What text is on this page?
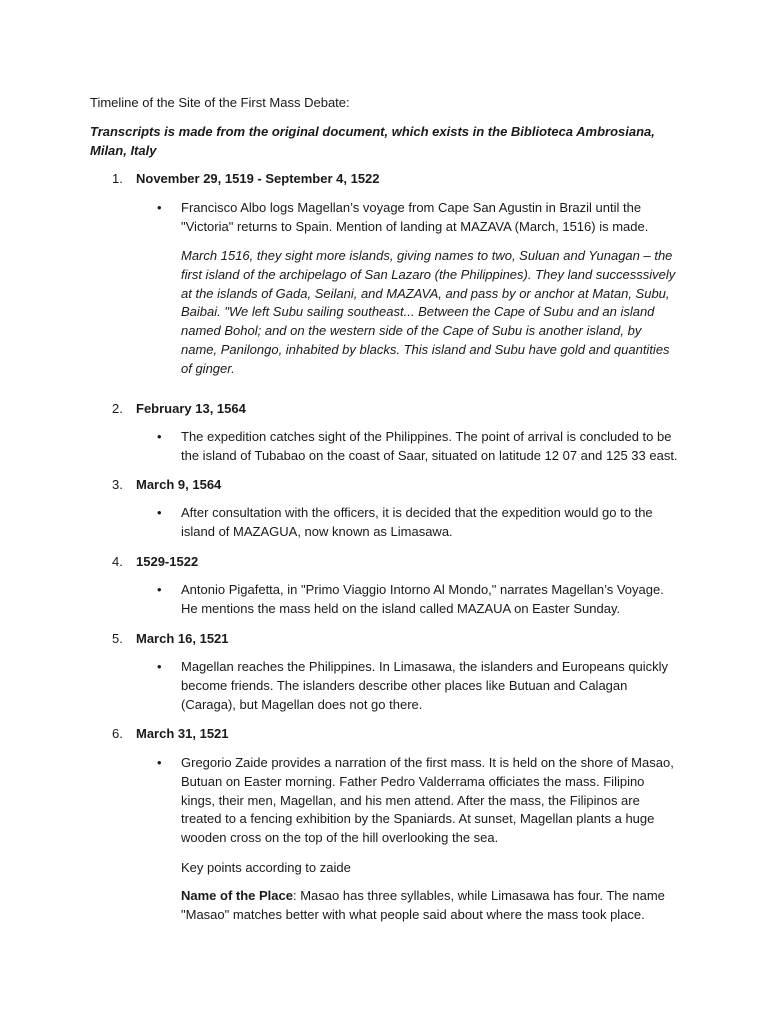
Timeline of the Site of the First Mass Debate:
Transcripts is made from the original document, which exists in the Biblioteca Ambrosiana, Milan, Italy
1.	November 29, 1519 - September 4, 1522
•	Francisco Albo logs Magellan’s voyage from Cape San Agustin in Brazil until the "Victoria" returns to Spain. Mention of landing at MAZAVA (March, 1516) is made.
March 1516, they sight more islands, giving names to two, Suluan and Yunagan – the first island of the archipelago of San Lazaro (the Philippines). They land successsively at the islands of Gada, Seilani, and MAZAVA, and pass by or anchor at Matan, Subu, Baibai. "We left Subu sailing southeast... Between the Cape of Subu and an island named Bohol; and on the western side of the Cape of Subu is another island, by name, Panilongo, inhabited by blacks. This island and Subu have gold and quantities of ginger.
2.	February 13, 1564
•	The expedition catches sight of the Philippines. The point of arrival is concluded to be the island of Tubabao on the coast of Saar, situated on latitude 12 07 and 125 33 east.
3.	March 9, 1564
•	After consultation with the officers, it is decided that the expedition would go to the island of MAZAGUA, now known as Limasawa.
4.	1529-1522
•	Antonio Pigafetta, in "Primo Viaggio Intorno Al Mondo," narrates Magellan’s Voyage. He mentions the mass held on the island called MAZAUA on Easter Sunday.
5.	March 16, 1521
•	Magellan reaches the Philippines. In Limasawa, the islanders and Europeans quickly become friends. The islanders describe other places like Butuan and Calagan (Caraga), but Magellan does not go there.
6.	March 31, 1521
•	Gregorio Zaide provides a narration of the first mass. It is held on the shore of Masao, Butuan on Easter morning. Father Pedro Valderrama officiates the mass. Filipino kings, their men, Magellan, and his men attend. After the mass, the Filipinos are treated to a fencing exhibition by the Spaniards. At sunset, Magellan plants a huge wooden cross on the top of the hill overlooking the sea.
Key points according to zaide
Name of the Place: Masao has three syllables, while Limasawa has four. The name "Masao" matches better with what people said about where the mass took place.
